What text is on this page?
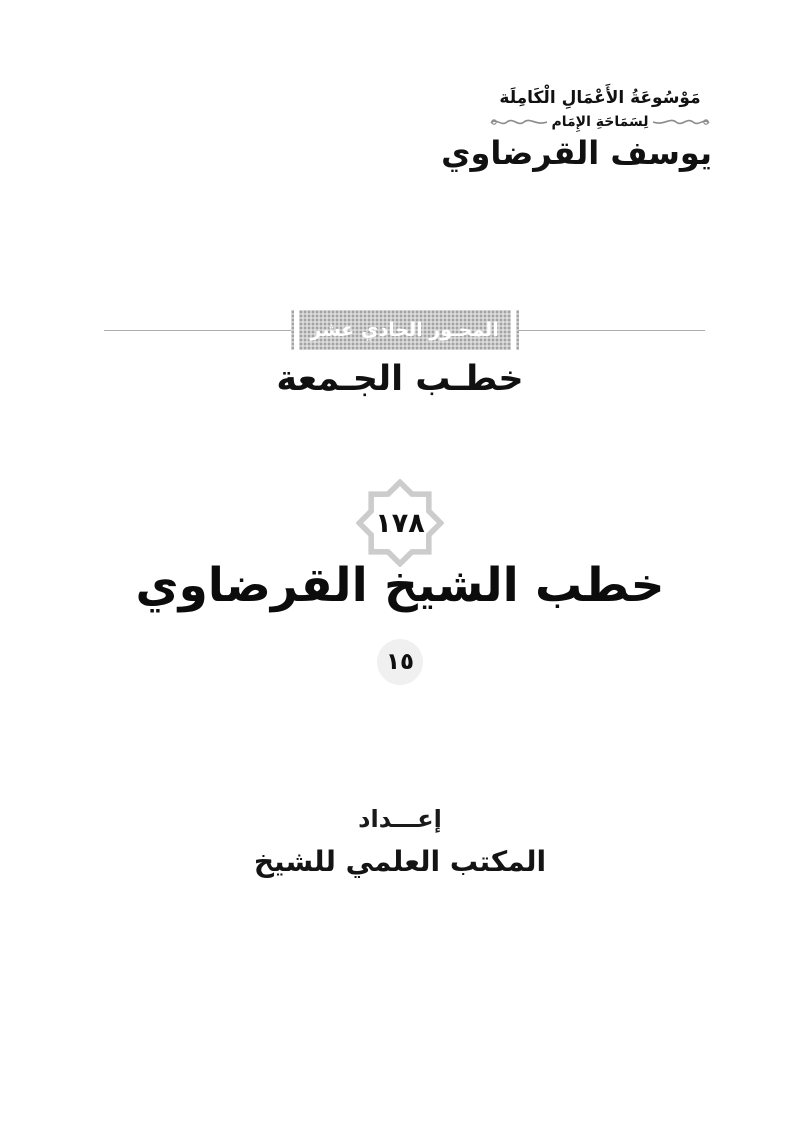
مَوْسُوعَةُ الأَعْمَالِ الْكَامِلَة
لِسَمَاحَةِ الإِمَام
يوسف القرضاوي
المحـور الحادي عشر
خطـب الجـمعة
١٧٨
خطب الشيخ القرضاوي
١٥
إعـــداد
المكتب العلمي للشيخ
